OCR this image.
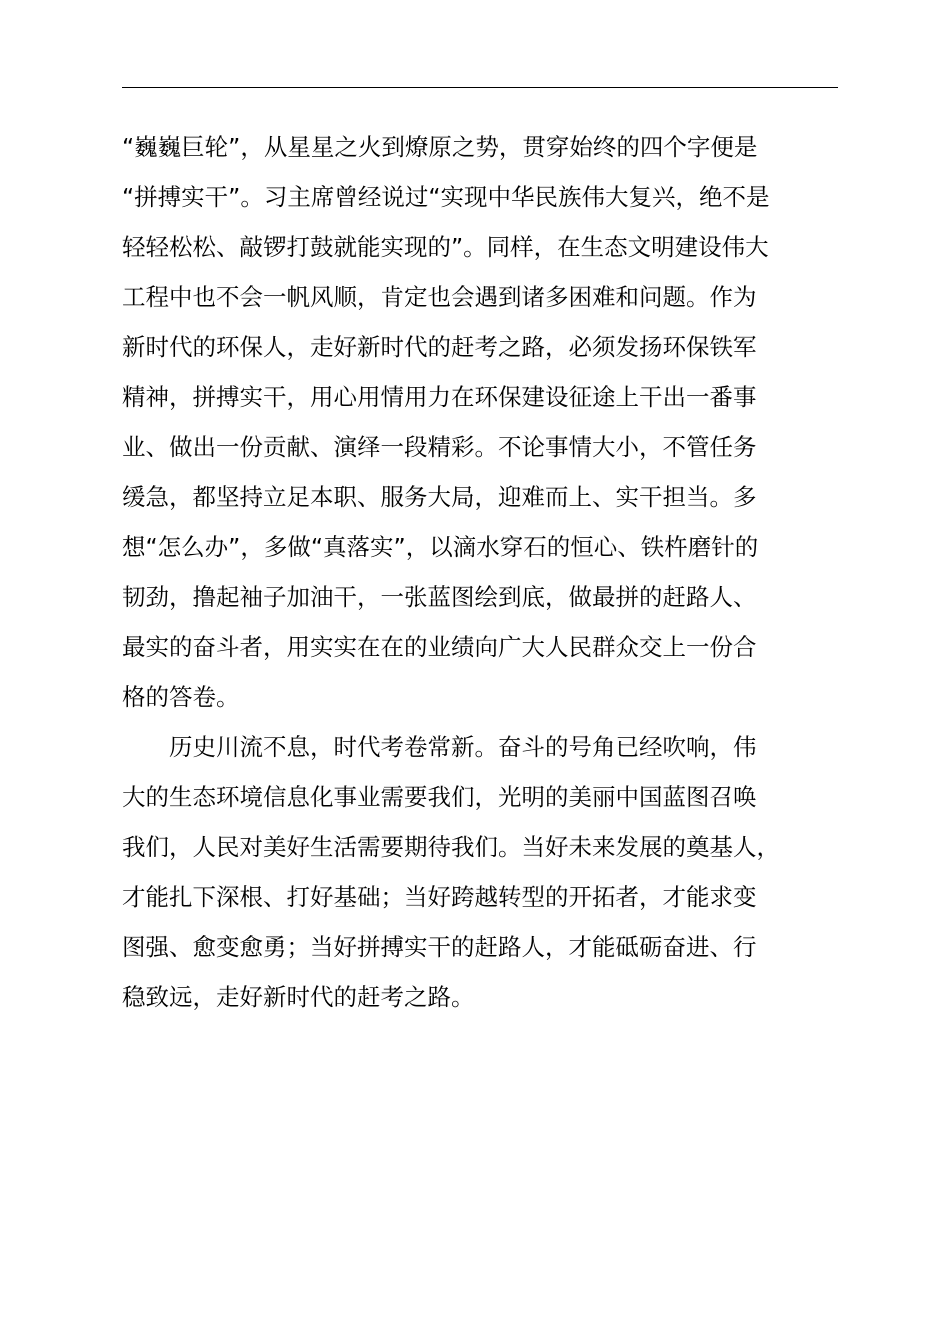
“巍巍巨轮”，从星星之火到燎原之势，贯穿始终的四个字便是
“拼搏实干”。习主席曾经说过“实现中华民族伟大复兴，绝不是
轻轻松松、敲锣打鼓就能实现的”。同样，在生态文明建设伟大
工程中也不会一帆风顺，肯定也会遇到诸多困难和问题。作为
新时代的环保人，走好新时代的赶考之路，必须发扬环保铁军
精神，拼搏实干，用心用情用力在环保建设征途上干出一番事
业、做出一份贡献、演绎一段精彩。不论事情大小，不管任务
缓急，都坚持立足本职、服务大局，迎难而上、实干担当。多
想“怎么办”，多做“真落实”，以滴水穿石的恒心、铁杵磨针的
韧劲，撸起袖子加油干，一张蓝图绘到底，做最拼的赶路人、
最实的奋斗者，用实实在在的业绩向广大人民群众交上一份合
格的答卷。
历史川流不息，时代考卷常新。奋斗的号角已经吹响，伟
大的生态环境信息化事业需要我们，光明的美丽中国蓝图召唤
我们，人民对美好生活需要期待我们。当好未来发展的奠基人，
才能扎下深根、打好基础；当好跨越转型的开拓者，才能求变
图强、愈变愈勇；当好拼搏实干的赶路人，才能砥砺奋进、行
稳致远，走好新时代的赶考之路。
